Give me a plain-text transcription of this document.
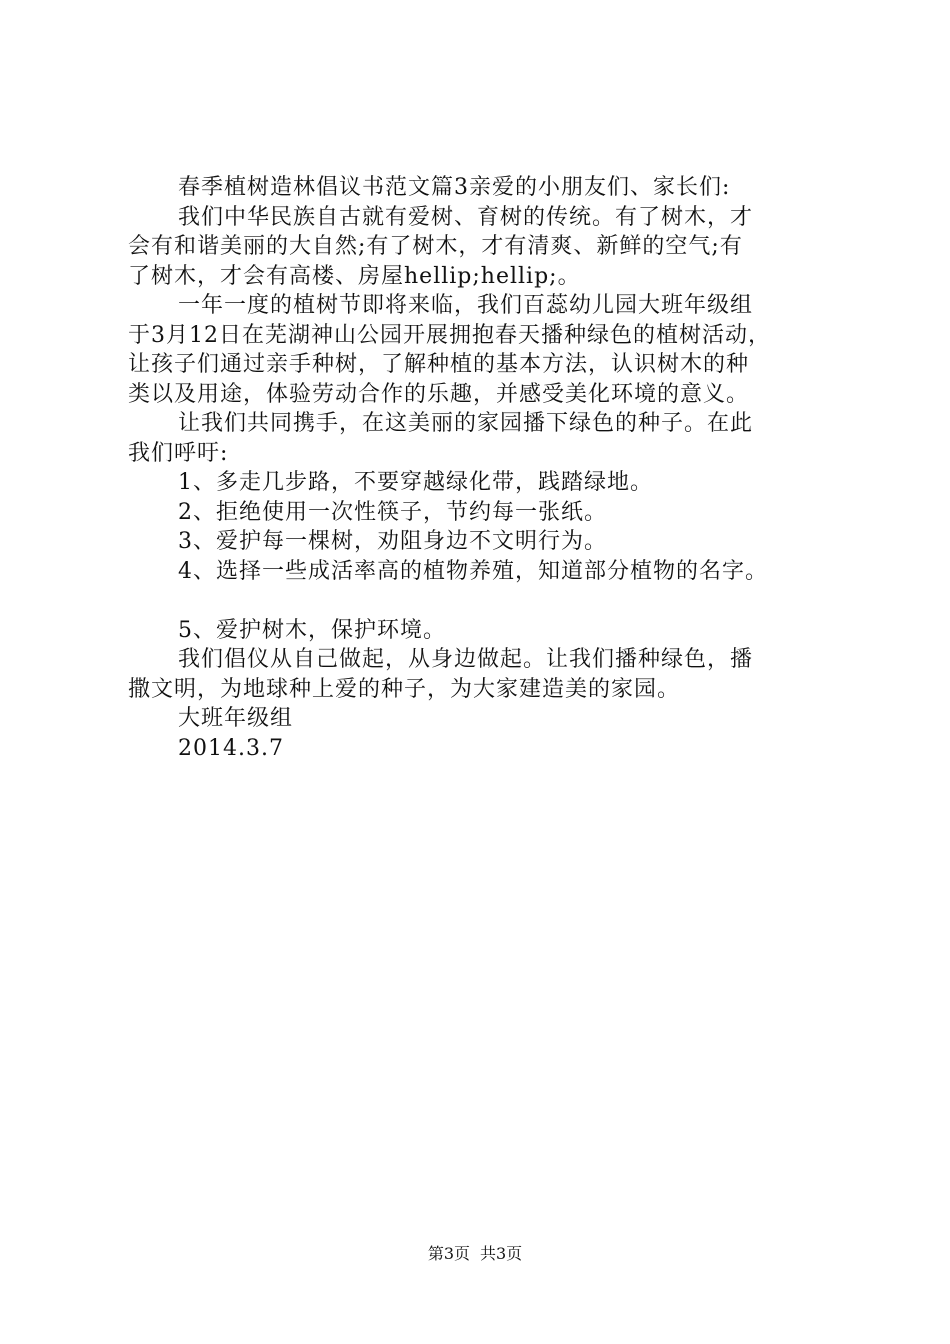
春季植树造林倡议书范文篇3亲爱的小朋友们、家长们:
我们中华民族自古就有爱树、育树的传统。有了树木，才
会有和谐美丽的大自然;有了树木，才有清爽、新鲜的空气;有
了树木，才会有高楼、房屋hellip;hellip;。
一年一度的植树节即将来临，我们百蕊幼儿园大班年级组
于3月12日在芜湖神山公园开展拥抱春天播种绿色的植树活动，
让孩子们通过亲手种树，了解种植的基本方法，认识树木的种
类以及用途，体验劳动合作的乐趣，并感受美化环境的意义。
让我们共同携手，在这美丽的家园播下绿色的种子。在此
我们呼吁:
1、多走几步路，不要穿越绿化带，践踏绿地。
2、拒绝使用一次性筷子，节约每一张纸。
3、爱护每一棵树，劝阻身边不文明行为。
4、选择一些成活率高的植物养殖，知道部分植物的名字。
5、爱护树木，保护环境。
我们倡仪从自己做起，从身边做起。让我们播种绿色，播
撒文明，为地球种上爱的种子，为大家建造美的家园。
大班年级组
2014.3.7
第3页 共3页
